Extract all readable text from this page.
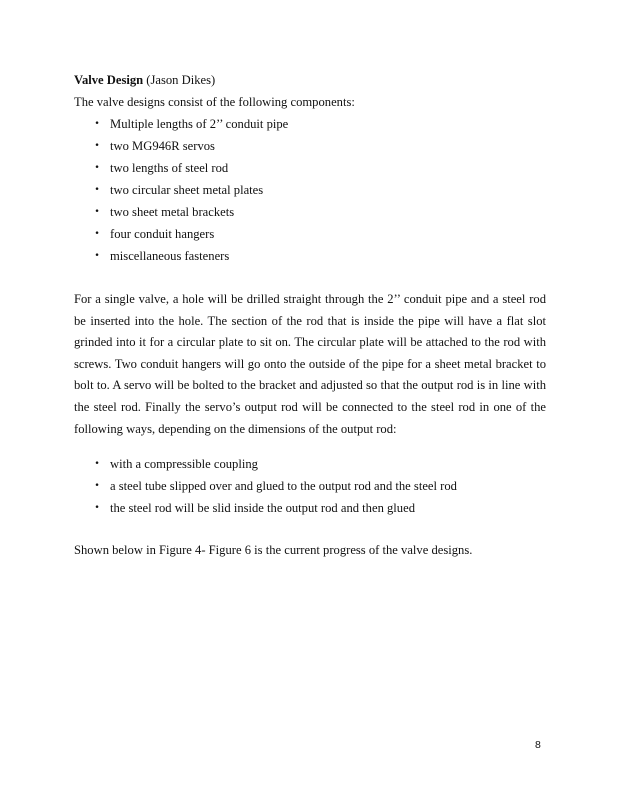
Valve Design (Jason Dikes)
The valve designs consist of the following components:
• Multiple lengths of 2’’ conduit pipe
• two MG946R servos
• two lengths of steel rod
• two circular sheet metal plates
• two sheet metal brackets
• four conduit hangers
• miscellaneous fasteners

For a single valve, a hole will be drilled straight through the 2’’ conduit pipe and a steel rod be inserted into the hole. The section of the rod that is inside the pipe will have a flat slot grinded into it for a circular plate to sit on. The circular plate will be attached to the rod with screws. Two conduit hangers will go onto the outside of the pipe for a sheet metal bracket to bolt to. A servo will be bolted to the bracket and adjusted so that the output rod is in line with the steel rod. Finally the servo’s output rod will be connected to the steel rod in one of the following ways, depending on the dimensions of the output rod:

• with a compressible coupling
• a steel tube slipped over and glued to the output rod and the steel rod
• the steel rod will be slid inside the output rod and then glued
Shown below in Figure 4- Figure 6 is the current progress of the valve designs.
8
